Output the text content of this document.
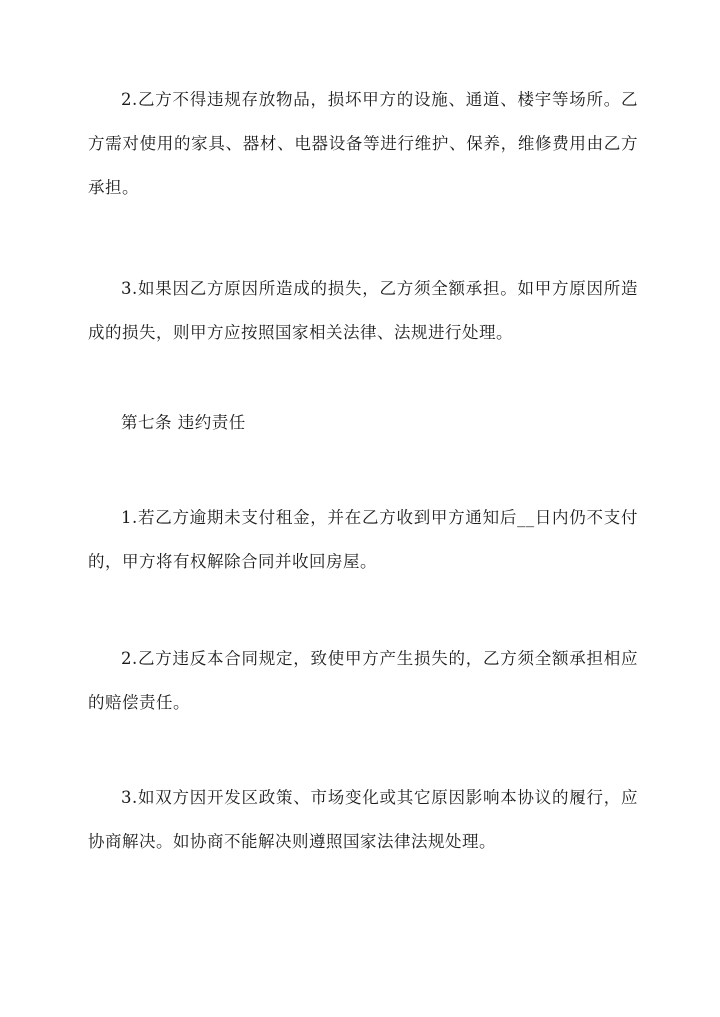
2.乙方不得违规存放物品，损坏甲方的设施、通道、楼宇等场所。乙方需对使用的家具、器材、电器设备等进行维护、保养，维修费用由乙方承担。

3.如果因乙方原因所造成的损失，乙方须全额承担。如甲方原因所造成的损失，则甲方应按照国家相关法律、法规进行处理。

第七条 违约责任

1.若乙方逾期未支付租金，并在乙方收到甲方通知后__日内仍不支付的，甲方将有权解除合同并收回房屋。

2.乙方违反本合同规定，致使甲方产生损失的，乙方须全额承担相应的赔偿责任。

3.如双方因开发区政策、市场变化或其它原因影响本协议的履行，应协商解决。如协商不能解决则遵照国家法律法规处理。
